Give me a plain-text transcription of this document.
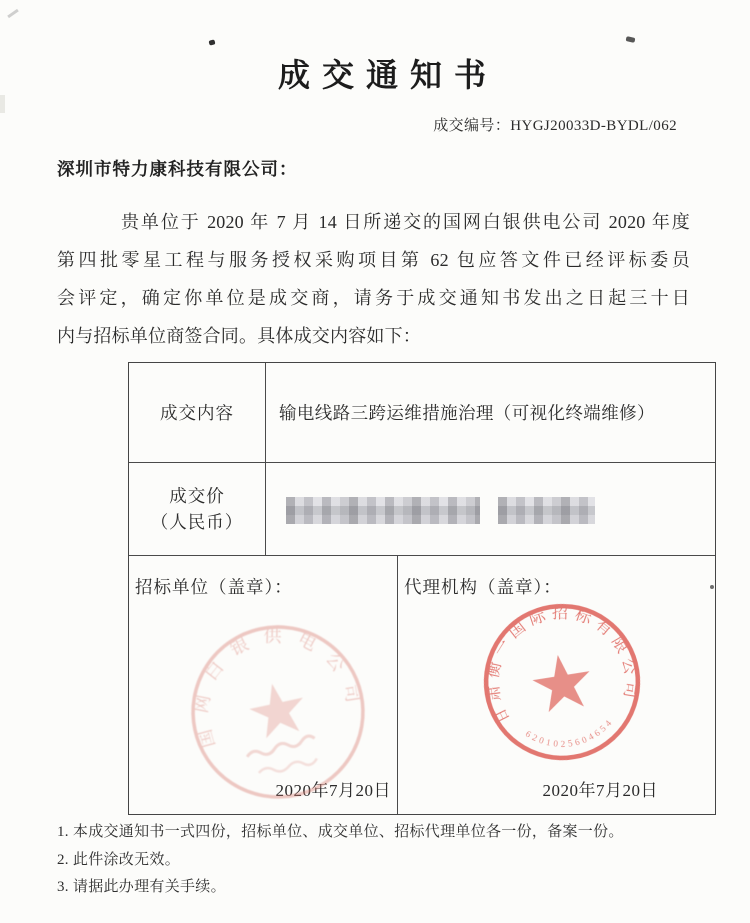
成交通知书
成交编号：HYGJ20033D-BYDL/062
深圳市特力康科技有限公司：
贵单位于 2020 年 7 月 14 日所递交的国网白银供电公司 2020 年度
第四批零星工程与服务授权采购项目第 62 包应答文件已经评标委员
会评定，确定你单位是成交商，请务于成交通知书发出之日起三十日
内与招标单位商签合同。具体成交内容如下：
成交内容	输电线路三跨运维措施治理（可视化终端维修）
成交价
（人民币）

招标单位（盖章）：
2020年7月20日
代理机构（盖章）：
2020年7月20日
国网白银供电公司	甘肃衡一国际招标有限公司
6201025604654
1. 本成交通知书一式四份，招标单位、成交单位、招标代理单位各一份，备案一份。
2. 此件涂改无效。
3. 请据此办理有关手续。
